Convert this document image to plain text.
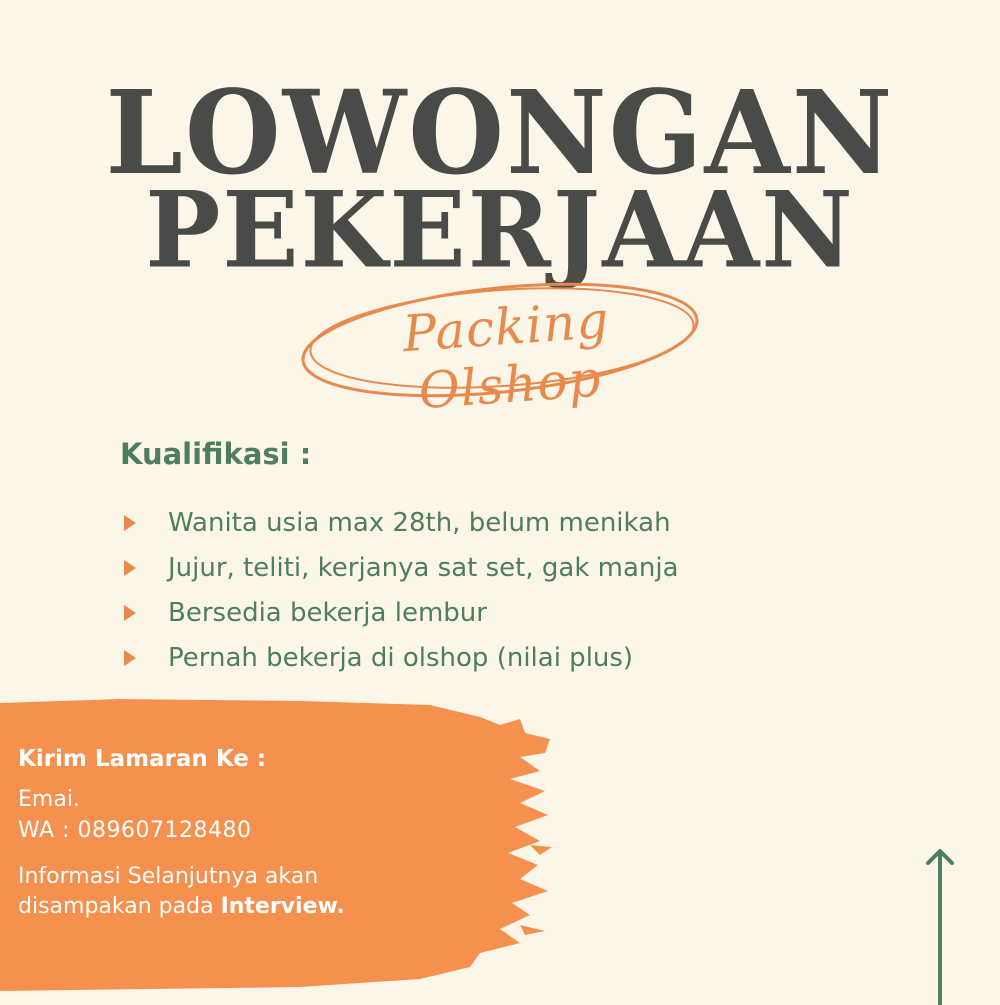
LOWONGAN
PEKERJAAN
Packing Olshop
Kualifikasi :
Wanita usia max 28th, belum menikah
Jujur, teliti, kerjanya sat set, gak manja
Bersedia bekerja lembur
Pernah bekerja di olshop (nilai plus)
Kirim Lamaran Ke :
Emai.
WA : 089607128480
Informasi Selanjutnya akan
disampakan pada Interview.
